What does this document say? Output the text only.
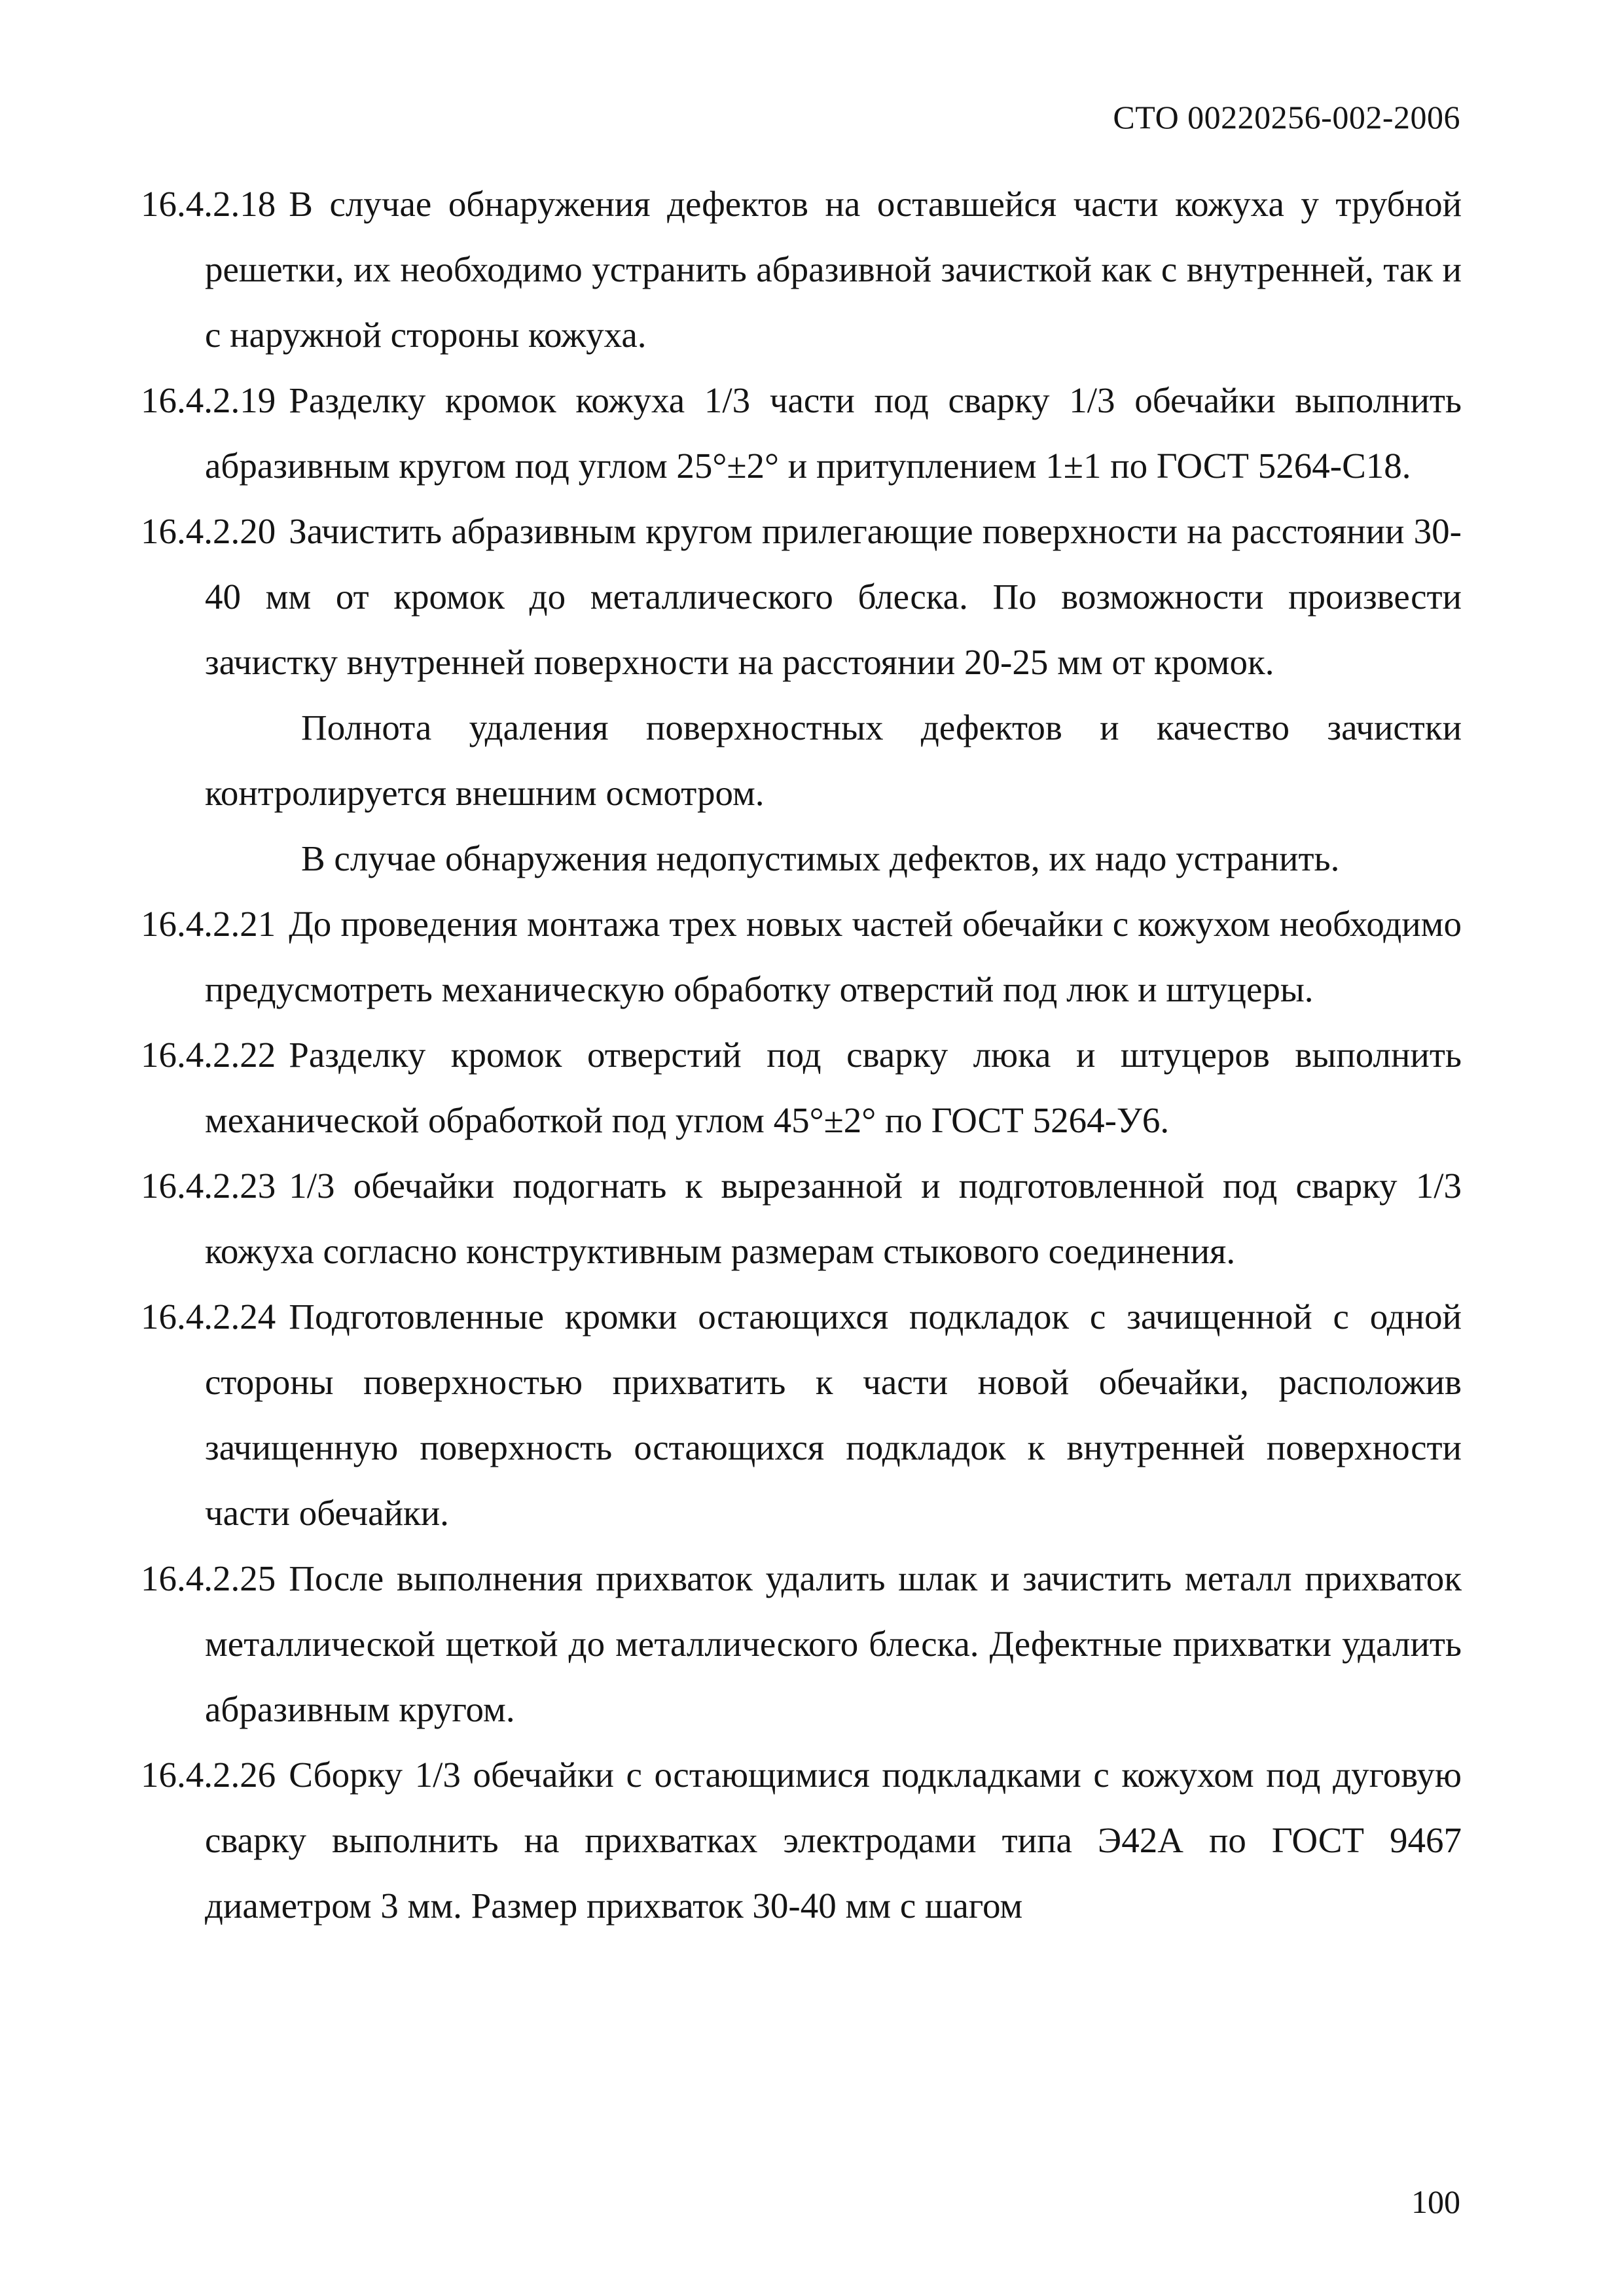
СТО 00220256-002-2006
16.4.2.18 В случае обнаружения дефектов на оставшейся части кожуха у трубной решетки, их необходимо устранить абразивной зачисткой как с внутренней, так и с наружной стороны кожуха.
16.4.2.19 Разделку кромок кожуха 1/3 части под сварку 1/3 обечайки выполнить абразивным кругом под углом 25°±2° и притуплением 1±1 по ГОСТ 5264-С18.
16.4.2.20 Зачистить абразивным кругом прилегающие поверхности на расстоянии 30-40 мм от кромок до металлического блеска. По возможности произвести зачистку внутренней поверхности на расстоянии 20-25 мм от кромок.
Полнота удаления поверхностных дефектов и качество зачистки контролируется внешним осмотром.
В случае обнаружения недопустимых дефектов, их надо устранить.
16.4.2.21 До проведения монтажа трех новых частей обечайки с кожухом необходимо предусмотреть механическую обработку отверстий под люк и штуцеры.
16.4.2.22 Разделку кромок отверстий под сварку люка и штуцеров выполнить механической обработкой под углом 45°±2° по ГОСТ 5264-У6.
16.4.2.23 1/3 обечайки подогнать к вырезанной и подготовленной под сварку 1/3 кожуха согласно конструктивным размерам стыкового соединения.
16.4.2.24 Подготовленные кромки остающихся подкладок с зачищенной с одной стороны поверхностью прихватить к части новой обечайки, расположив зачищенную поверхность остающихся подкладок к внутренней поверхности части обечайки.
16.4.2.25 После выполнения прихваток удалить шлак и зачистить металл прихваток металлической щеткой до металлического блеска. Дефектные прихватки удалить абразивным кругом.
16.4.2.26 Сборку 1/3 обечайки с остающимися подкладками с кожухом под дуговую сварку выполнить на прихватках электродами типа Э42А по ГОСТ 9467 диаметром 3 мм. Размер прихваток 30-40 мм с шагом
100
